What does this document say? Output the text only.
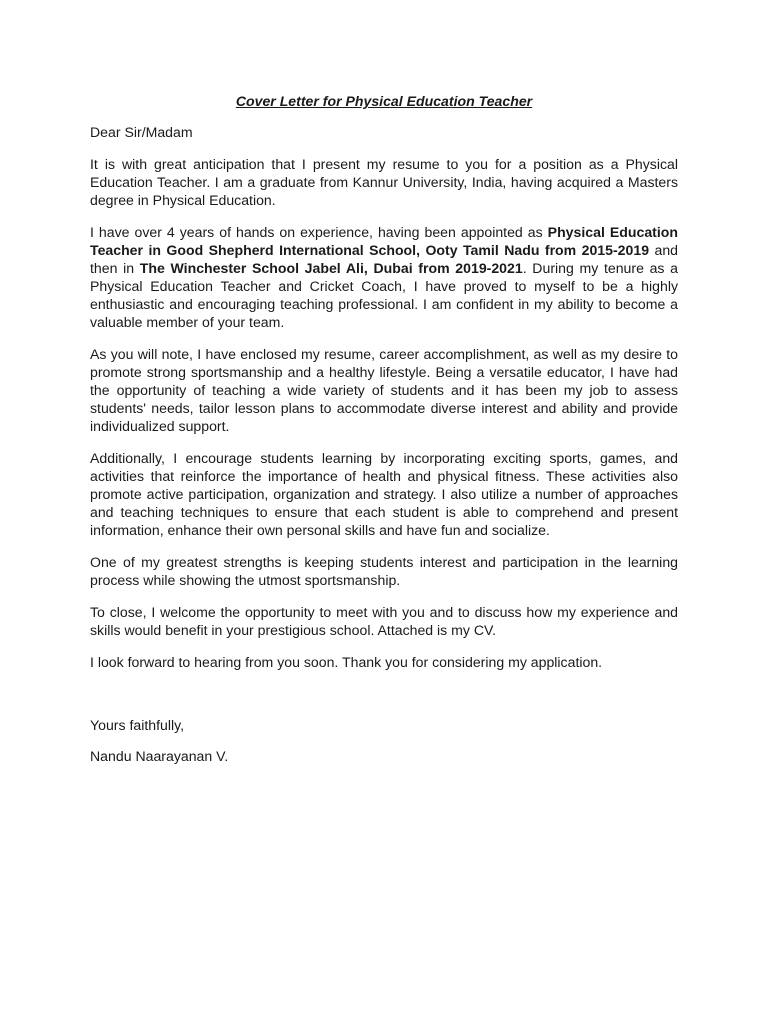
Cover Letter for Physical Education Teacher

Dear Sir/Madam

It is with great anticipation that I present my resume to you for a position as a Physical Education Teacher. I am a graduate from Kannur University, India, having acquired a Masters degree in Physical Education.

I have over 4 years of hands on experience, having been appointed as Physical Education Teacher in Good Shepherd International School, Ooty Tamil Nadu from 2015-2019 and then in The Winchester School Jabel Ali, Dubai from 2019-2021. During my tenure as a Physical Education Teacher and Cricket Coach, I have proved to myself to be a highly enthusiastic and encouraging teaching professional. I am confident in my ability to become a valuable member of your team.

As you will note, I have enclosed my resume, career accomplishment, as well as my desire to promote strong sportsmanship and a healthy lifestyle. Being a versatile educator, I have had the opportunity of teaching a wide variety of students and it has been my job to assess students' needs, tailor lesson plans to accommodate diverse interest and ability and provide individualized support.

Additionally, I encourage students learning by incorporating exciting sports, games, and activities that reinforce the importance of health and physical fitness. These activities also promote active participation, organization and strategy. I also utilize a number of approaches and teaching techniques to ensure that each student is able to comprehend and present information, enhance their own personal skills and have fun and socialize.

One of my greatest strengths is keeping students interest and participation in the learning process while showing the utmost sportsmanship.

To close, I welcome the opportunity to meet with you and to discuss how my experience and skills would benefit in your prestigious school. Attached is my CV.

I look forward to hearing from you soon. Thank you for considering my application.

Yours faithfully,

Nandu Naarayanan V.
